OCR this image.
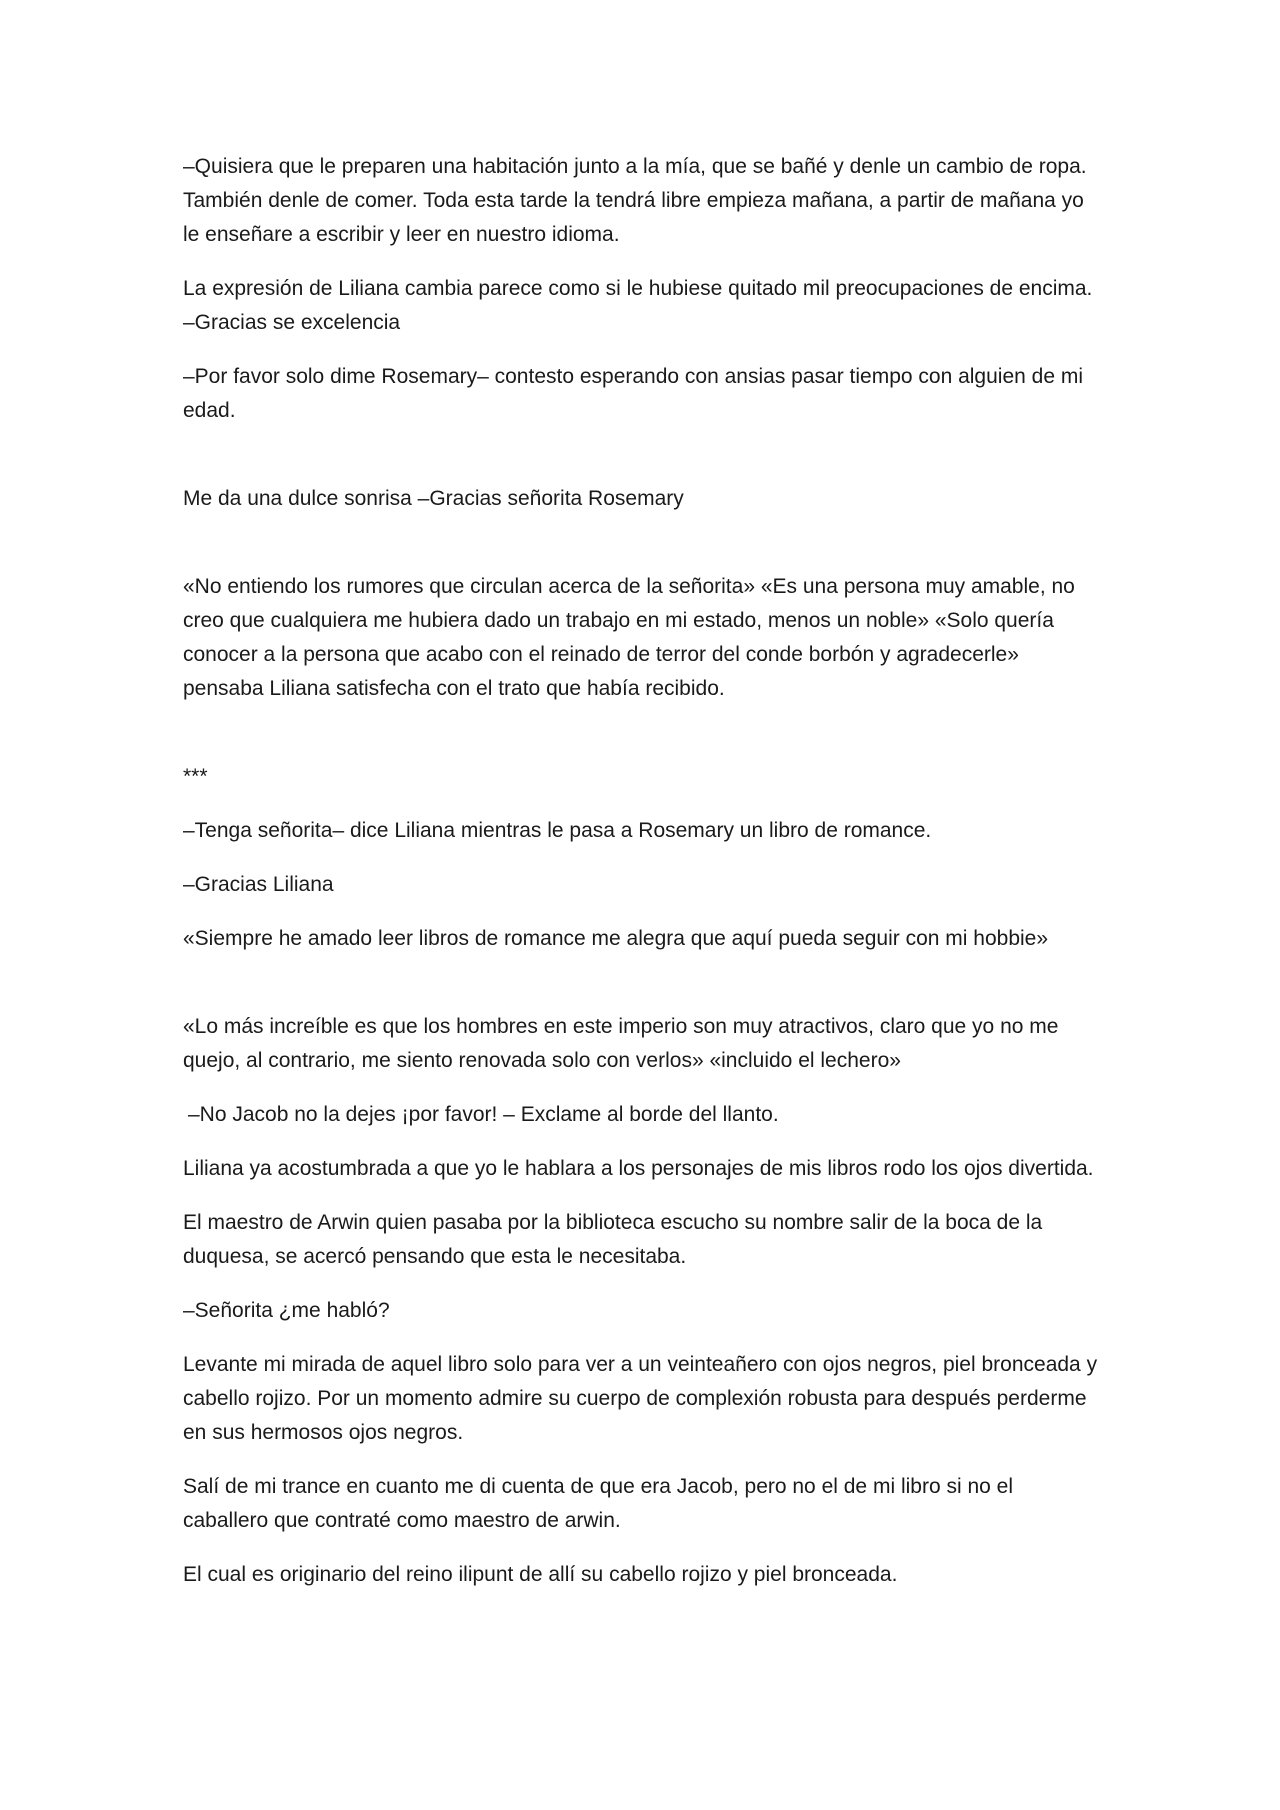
–Quisiera que le preparen una habitación junto a la mía, que se bañé y denle un cambio de ropa. También denle de comer. Toda esta tarde la tendrá libre empieza mañana, a partir de mañana yo le enseñare a escribir y leer en nuestro idioma.

La expresión de Liliana cambia parece como si le hubiese quitado mil preocupaciones de encima. –Gracias se excelencia

–Por favor solo dime Rosemary– contesto esperando con ansias pasar tiempo con alguien de mi edad.

Me da una dulce sonrisa –Gracias señorita Rosemary

«No entiendo los rumores que circulan acerca de la señorita» «Es una persona muy amable, no creo que cualquiera me hubiera dado un trabajo en mi estado, menos un noble» «Solo quería conocer a la persona que acabo con el reinado de terror del conde borbón y agradecerle» pensaba Liliana satisfecha con el trato que había recibido.

***

–Tenga señorita– dice Liliana mientras le pasa a Rosemary un libro de romance.

–Gracias Liliana

«Siempre he amado leer libros de romance me alegra que aquí pueda seguir con mi hobbie»

«Lo más increíble es que los hombres en este imperio son muy atractivos, claro que yo no me quejo, al contrario, me siento renovada solo con verlos» «incluido el lechero»

–No Jacob no la dejes ¡por favor! – Exclame al borde del llanto.

Liliana ya acostumbrada a que yo le hablara a los personajes de mis libros rodo los ojos divertida.

El maestro de Arwin quien pasaba por la biblioteca escucho su nombre salir de la boca de la duquesa, se acercó pensando que esta le necesitaba.

–Señorita ¿me habló?

Levante mi mirada de aquel libro solo para ver a un veinteañero con ojos negros, piel bronceada y cabello rojizo. Por un momento admire su cuerpo de complexión robusta para después perderme en sus hermosos ojos negros.

Salí de mi trance en cuanto me di cuenta de que era Jacob, pero no el de mi libro si no el caballero que contraté como maestro de arwin.

El cual es originario del reino ilipunt de allí su cabello rojizo y piel bronceada.
